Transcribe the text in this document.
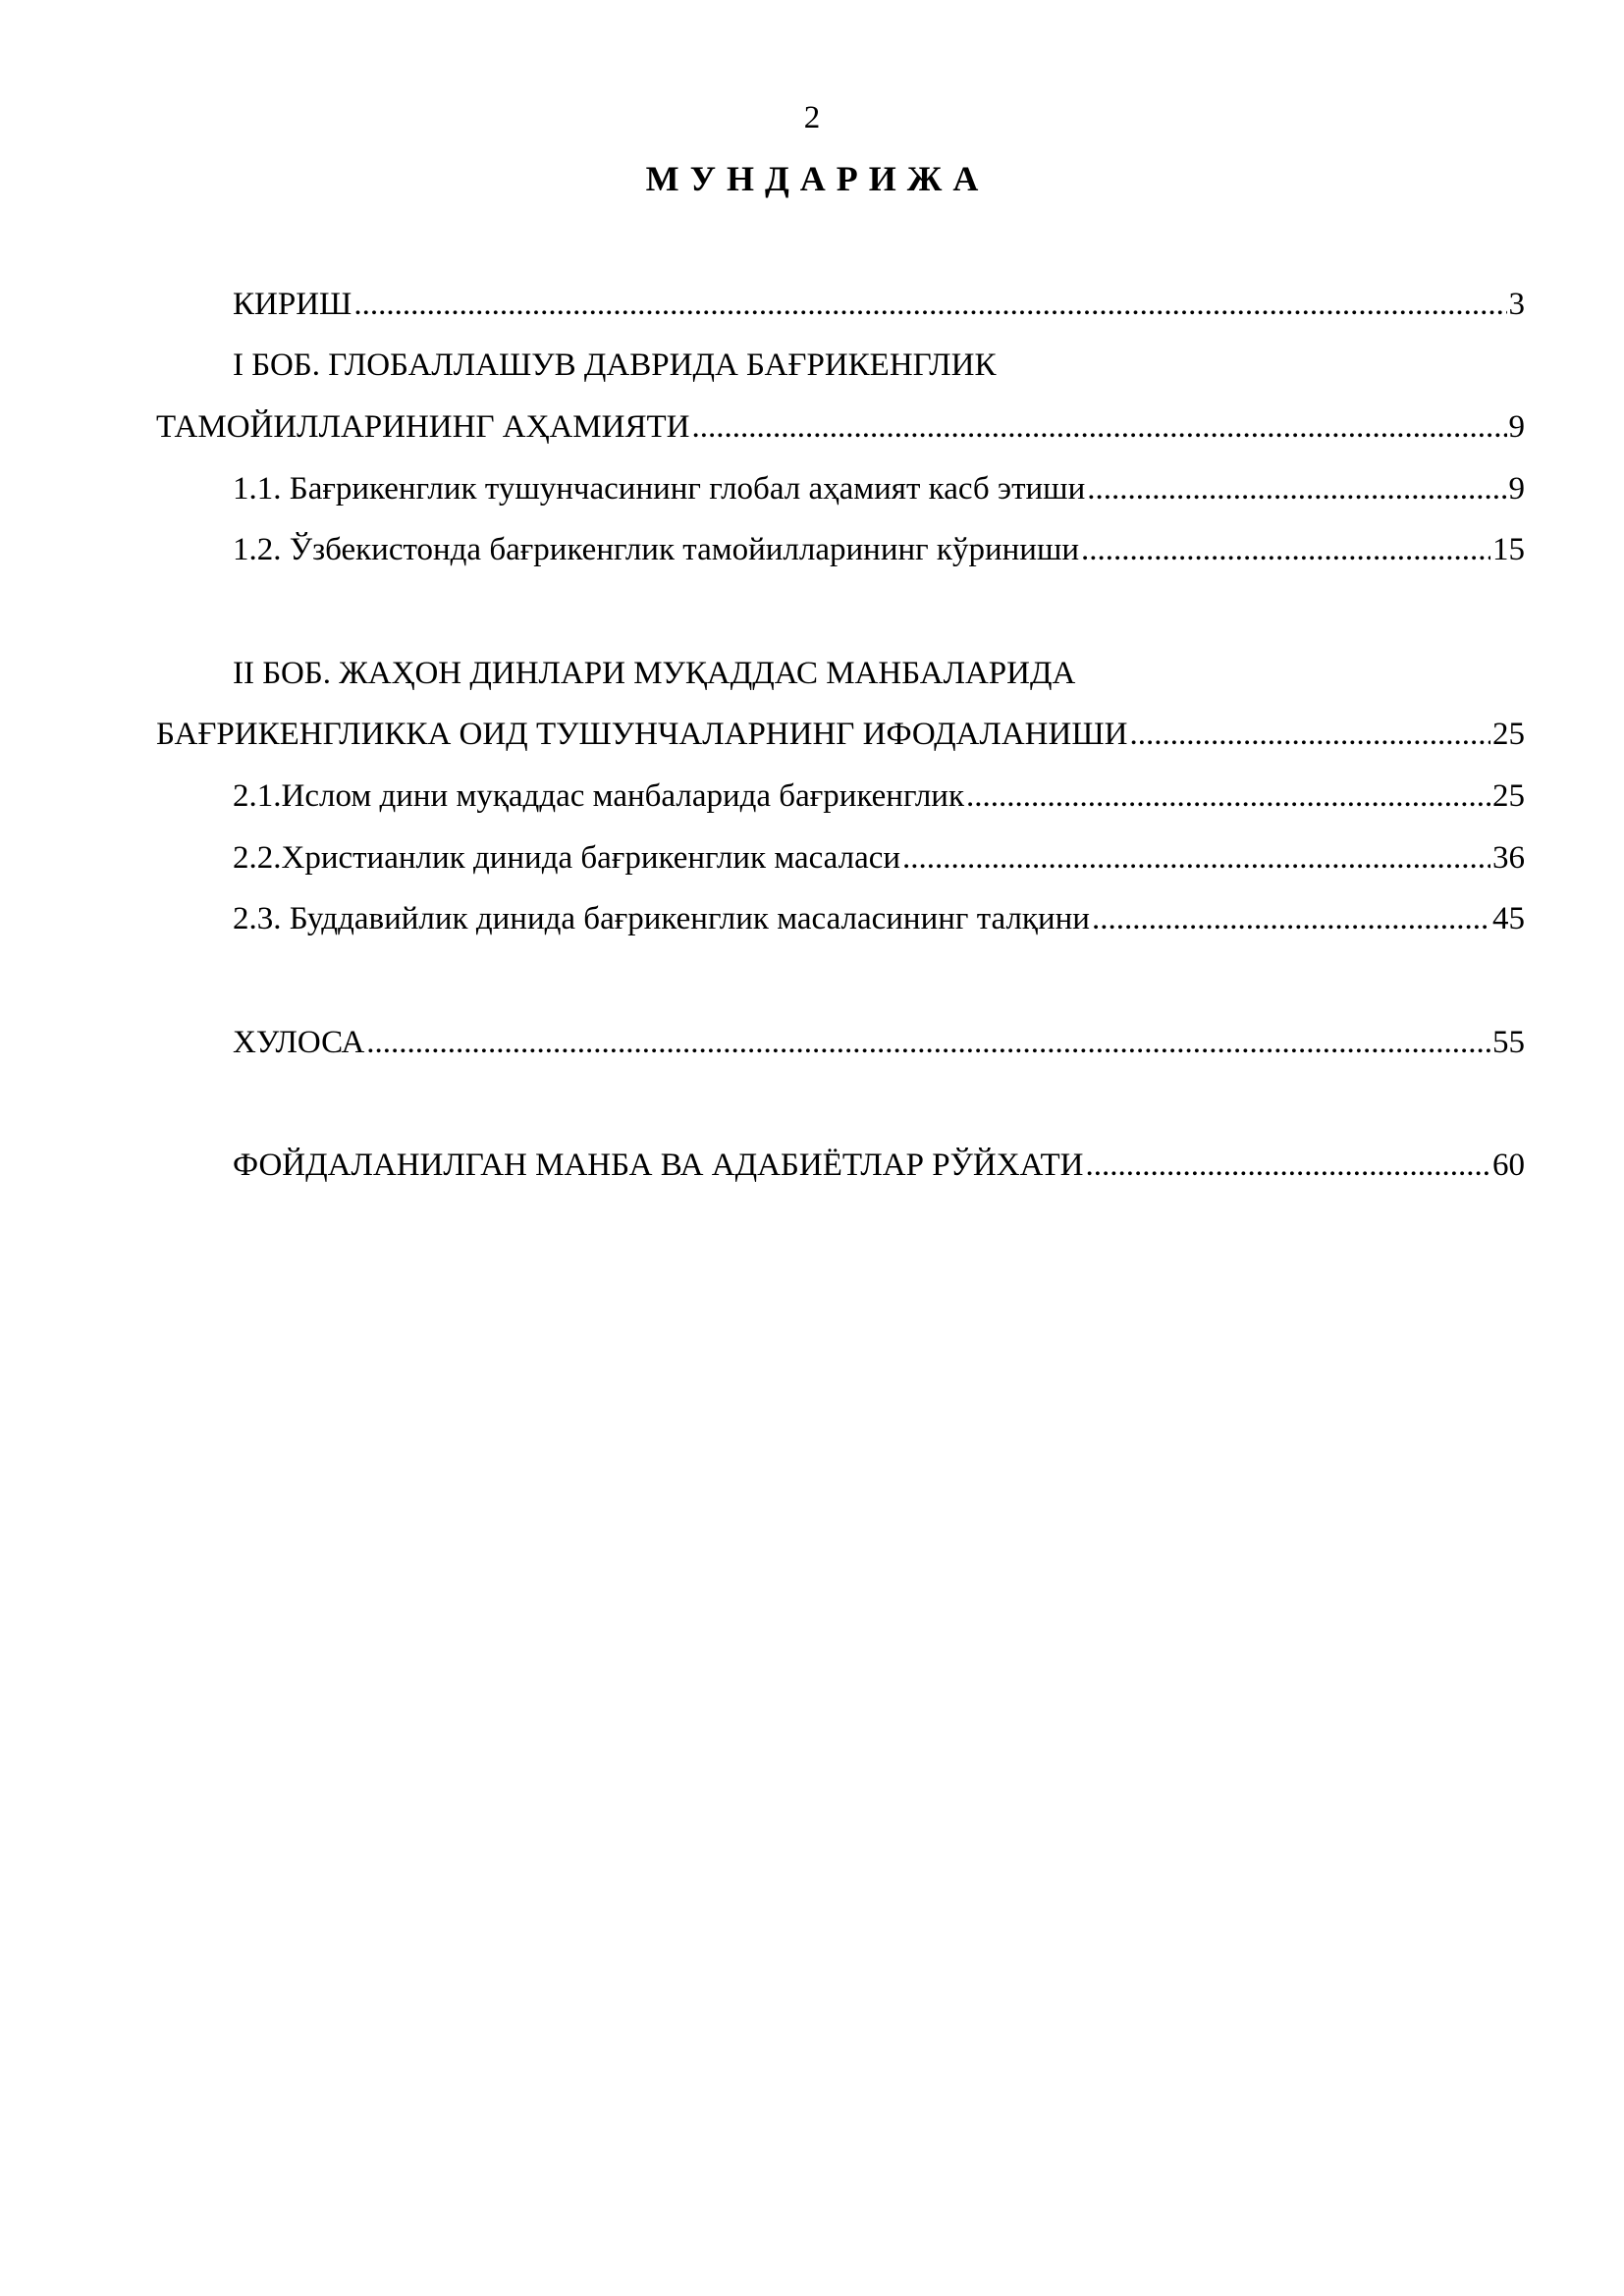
2
МУНДАРИЖА
КИРИШ .....	3
I БОБ. ГЛОБАЛЛАШУВ ДАВРИДА БАҒРИКЕНГЛИК
ТАМОЙИЛЛАРИНИНГ АҲАМИЯТИ .....	9
1.1. Бағрикенглик тушунчасининг глобал аҳамият касб этиши .....	9
1.2. Ўзбекистонда бағрикенглик тамойилларининг кўриниши .....	15
II БОБ. ЖАҲОН ДИНЛАРИ МУҚАДДАС МАНБАЛАРИДА
БАҒРИКЕНГЛИККА ОИД ТУШУНЧАЛАРНИНГ ИФОДАЛАНИШИ .....	25
2.1.Ислом дини муқаддас манбаларида бағрикенглик .....	25
2.2.Христианлик динида бағрикенглик масаласи .....	36
2.3. Буддавийлик динида бағрикенглик масаласининг талқини .....	45
ХУЛОСА .....	55
ФОЙДАЛАНИЛГАН МАНБА ВА АДАБИЁТЛАР РЎЙХАТИ .....	60
